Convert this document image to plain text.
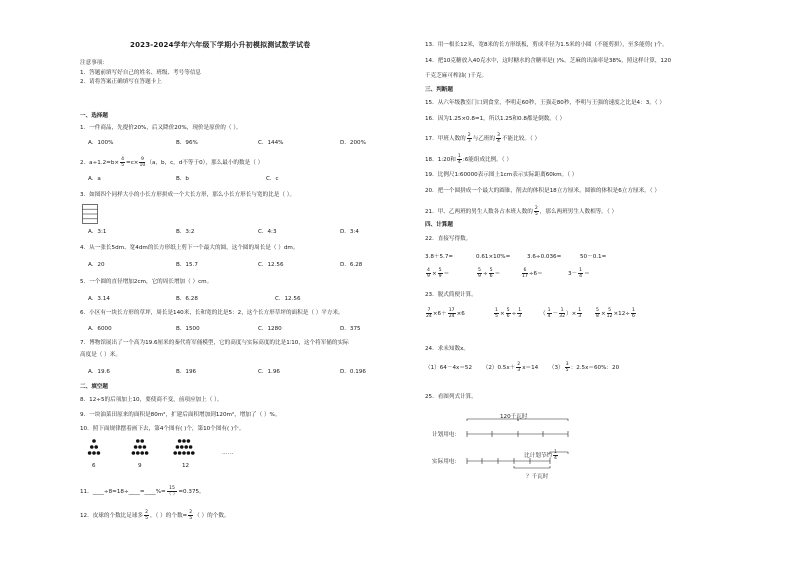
2023-2024学年六年级下学期小升初模拟测试数学试卷
注意事项：
1．答题前填写好自己的姓名、班级、考号等信息
2．请将答案正确填写在答题卡上
一、选择题
1．一件商品，先提价20%，后又降价20%，现价是原价的（ ）。
A．100%	B．96%	C．144%	D．200%
2．$a\div 1.2=b\times \frac{4}{5} =c\times \frac{9}{10} (a$，b，c，d不等于0），那么最小的数是（ ）
A．a	B．b	C．c
3．如图四个同样大小的小长方形拼成一个大长方形，那么小长方形长与宽的比是（ ）。
A．3:1	B．3:2	C．4:3	D．3:4
4．从一张长5dm、宽4dm的长方形纸上剪下一个最大的圆，这个圆的周长是（ ）dm。
A．20	B．15.7	C．12.56	D．6.28
5．一个圆的直径增加2cm，它的周长增加（ ）cm。
A．3.14	B．6.28	C．12.56
6．小区有一块长方形的草坪，周长是140米，长和宽的比是5：2，这个长方形草坪的面积是（ ）平方米。
A．6000	B．1500	C．1280	D．375
7．博物馆展出了一个高为19.6厘米的秦代将军俑模型，它的高度与实际高度的比是1∶10，这个将军俑的实际
高度是（ ）米。
A．19.6	B．196	C．1.96	D．0.196
二、填空题
8．12÷5的后项加上10，要使商不变，前项应加上（ ）。
9．一块油菜田原来的面积是80m²，扩建后面积增加到120m²，增加了（ ）%。
10．照下面规律摆着画下去，第4个图有( )个，第10个图有( )个。
6	9	12
……
11．____÷8=18÷____=____%= $\frac{15}{( )} =0.375$。
12．皮球的个数比足球多 $\frac{2}{5}$ ，（ ）的个数= $\frac{2}{5}$ （ ）的个数。
13．用一根长12米，宽8米的长方形纸板，剪成半径为1.5米的小圆（不能剪拼），至多能剪( )个。
14．把10克糖放入40克水中，这时糖水的含糖率是( )%。芝麻的出油率是38%，照这样计算，120
千克芝麻可榨油( )千克。
三、判断题
15．从六年级教室门口到食堂，李明走60秒，王强走80秒，李明与王强的速度之比是4：3。（ ）
16．因为1.25×0.8=1，所以1.25和0.8都是倒数。（ ）
17．甲班人数的 $\frac{2}{3}$ 与乙班的 $\frac{3}{4}$ 不能比较。（ ）
18．1:20和 $\frac{1}{4}$ :6能组成比例。（ ）
19．比例尺1:60000表示图上1cm表示实际距离60km。（ ）
20．把一个圆拼成一个最大的圆锥，削去的体积是18立方厘米，圆锥的体积是6立方厘米。（ ）
21．甲、乙两班的男生人数各占本班人数的 $\frac{2}{5}$ ，那么两班男生人数相等。（ ）
四、计算题
22．直接写得数。
3.8＋5.7=	0.61×10%=	3.6÷0.036=	50－0.1=
$\frac{4}{9} \times \frac{5}{9}$ ＝	$\frac{5}{9} \div \frac{5}{6}$ ＝	$\frac{6}{17} \div 6=$	$3- \frac{1}{4}$ ＝
23．脱式简便计算。
$\frac{7}{24} \times 6+ \frac{17}{24} \times 6$	$\frac{1}{5} \times \frac{5}{6} \div \frac{1}{3}$	（ $\frac{1}{4} - \frac{1}{32}$ ）× $\frac{1}{3}$	$\frac{5}{8} \times \frac{5}{12} \times 12\div \frac{1}{6}$
24．求未知数x。
（1）64－4x＝52 $(2)0.5x+ \frac{2}{3} x=14$ $(3) \frac{3}{5}$ ：2.5x＝60%：20
25．看图列式计算。
120千瓦时
计划用电：
实际用电：
比计划节约 $\frac{1}{4}$
？千瓦时
